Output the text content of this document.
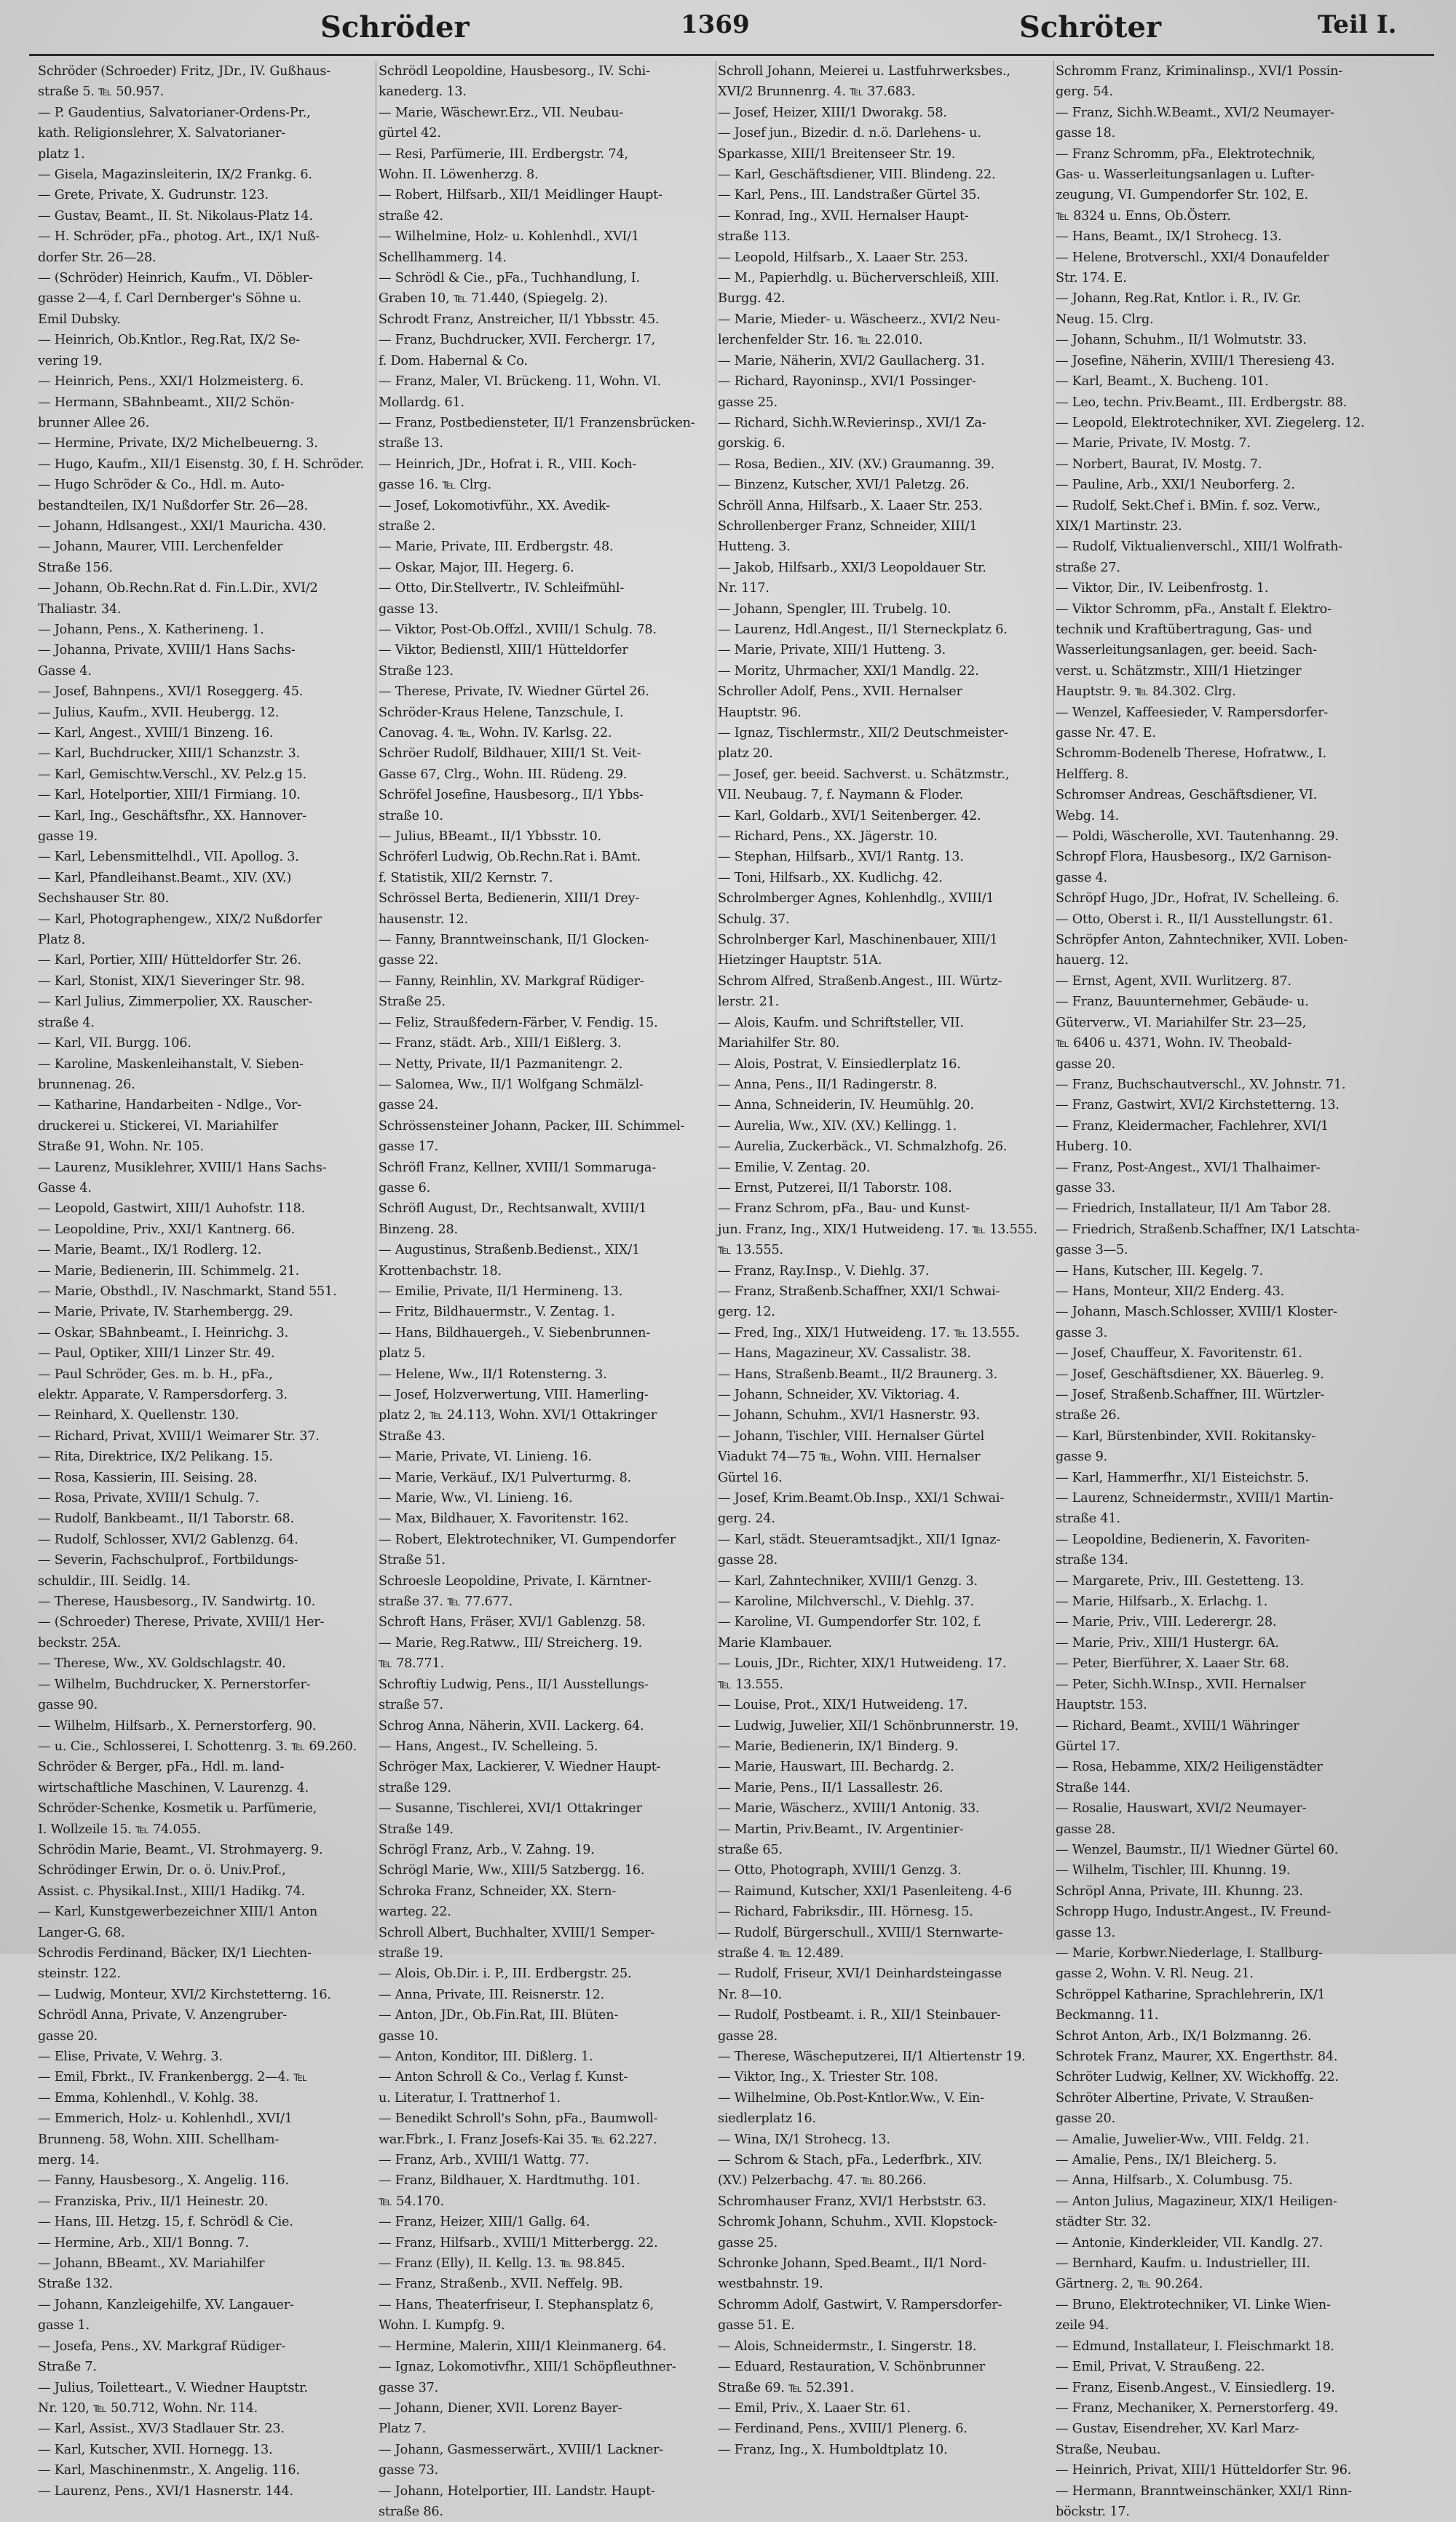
Schröder	1369	Schröter	Teil I.
Schröder (Schroeder) Fritz, JDr., IV. Gußhaus-
straße 5. ℡ 50.957.
— P. Gaudentius, Salvatorianer-Ordens-Pr.,
kath. Religionslehrer, X. Salvatorianer-
platz 1.
— Gisela, Magazinsleiterin, IX/2 Frankg. 6.
— Grete, Private, X. Gudrunstr. 123.
— Gustav, Beamt., II. St. Nikolaus-Platz 14.
— H. Schröder, pFa., photog. Art., IX/1 Nuß-
dorfer Str. 26—28.
— (Schröder) Heinrich, Kaufm., VI. Döbler-
gasse 2—4, f. Carl Dernberger's Söhne u.
Emil Dubsky.
— Heinrich, Ob.Kntlor., Reg.Rat, IX/2 Se-
vering 19.
— Heinrich, Pens., XXI/1 Holzmeisterg. 6.
— Hermann, SBahnbeamt., XII/2 Schön-
brunner Allee 26.
— Hermine, Private, IX/2 Michelbeuerng. 3.
— Hugo, Kaufm., XII/1 Eisenstg. 30, f. H. Schröder.
— Hugo Schröder & Co., Hdl. m. Auto-
bestandteilen, IX/1 Nußdorfer Str. 26—28.
— Johann, Hdlsangest., XXI/1 Mauricha. 430.
— Johann, Maurer, VIII. Lerchenfelder
Straße 156.
— Johann, Ob.Rechn.Rat d. Fin.L.Dir., XVI/2
Thaliastr. 34.
— Johann, Pens., X. Katherineng. 1.
— Johanna, Private, XVIII/1 Hans Sachs-
Gasse 4.
— Josef, Bahnpens., XVI/1 Roseggerg. 45.
— Julius, Kaufm., XVII. Heubergg. 12.
— Karl, Angest., XVIII/1 Binzeng. 16.
— Karl, Buchdrucker, XIII/1 Schanzstr. 3.
— Karl, Gemischtw.Verschl., XV. Pelz.g 15.
— Karl, Hotelportier, XIII/1 Firmiang. 10.
— Karl, Ing., Geschäftsfhr., XX. Hannover-
gasse 19.
— Karl, Lebensmittelhdl., VII. Apollog. 3.
— Karl, Pfandleihanst.Beamt., XIV. (XV.)
Sechshauser Str. 80.
— Karl, Photographengew., XIX/2 Nußdorfer
Platz 8.
— Karl, Portier, XIII/ Hütteldorfer Str. 26.
— Karl, Stonist, XIX/1 Sieveringer Str. 98.
— Karl Julius, Zimmerpolier, XX. Rauscher-
straße 4.
— Karl, VII. Burgg. 106.
— Karoline, Maskenleihanstalt, V. Sieben-
brunnenag. 26.
— Katharine, Handarbeiten - Ndlge., Vor-
druckerei u. Stickerei, VI. Mariahilfer
Straße 91, Wohn. Nr. 105.
— Laurenz, Musiklehrer, XVIII/1 Hans Sachs-
Gasse 4.
— Leopold, Gastwirt, XIII/1 Auhofstr. 118.
— Leopoldine, Priv., XXI/1 Kantnerg. 66.
— Marie, Beamt., IX/1 Rodlerg. 12.
— Marie, Bedienerin, III. Schimmelg. 21.
— Marie, Obsthdl., IV. Naschmarkt, Stand 551.
— Marie, Private, IV. Starhembergg. 29.
— Oskar, SBahnbeamt., I. Heinrichg. 3.
— Paul, Optiker, XIII/1 Linzer Str. 49.
— Paul Schröder, Ges. m. b. H., pFa.,
elektr. Apparate, V. Rampersdorferg. 3.
— Reinhard, X. Quellenstr. 130.
— Richard, Privat, XVIII/1 Weimarer Str. 37.
— Rita, Direktrice, IX/2 Pelikang. 15.
— Rosa, Kassierin, III. Seising. 28.
— Rosa, Private, XVIII/1 Schulg. 7.
— Rudolf, Bankbeamt., II/1 Taborstr. 68.
— Rudolf, Schlosser, XVI/2 Gablenzg. 64.
— Severin, Fachschulprof., Fortbildungs-
schuldir., III. Seidlg. 14.
— Therese, Hausbesorg., IV. Sandwirtg. 10.
— (Schroeder) Therese, Private, XVIII/1 Her-
beckstr. 25A.
— Therese, Ww., XV. Goldschlagstr. 40.
— Wilhelm, Buchdrucker, X. Pernerstorfer-
gasse 90.
— Wilhelm, Hilfsarb., X. Pernerstorferg. 90.
— u. Cie., Schlosserei, I. Schottenrg. 3. ℡ 69.260.
Schröder & Berger, pFa., Hdl. m. land-
wirtschaftliche Maschinen, V. Laurenzg. 4.
Schröder-Schenke, Kosmetik u. Parfümerie,
I. Wollzeile 15. ℡ 74.055.
Schrödin Marie, Beamt., VI. Strohmayerg. 9.
Schrödinger Erwin, Dr. o. ö. Univ.Prof.,
Assist. c. Physikal.Inst., XIII/1 Hadikg. 74.
— Karl, Kunstgewerbezeichner XIII/1 Anton
Langer-G. 68.
Schrodis Ferdinand, Bäcker, IX/1 Liechten-
steinstr. 122.
— Ludwig, Monteur, XVI/2 Kirchstetterng. 16.
Schrödl Anna, Private, V. Anzengruber-
gasse 20.
— Elise, Private, V. Wehrg. 3.
— Emil, Fbrkt., IV. Frankenbergg. 2—4. ℡
— Emma, Kohlenhdl., V. Kohlg. 38.
— Emmerich, Holz- u. Kohlenhdl., XVI/1
Brunneng. 58, Wohn. XIII. Schellham-
merg. 14.
— Fanny, Hausbesorg., X. Angelig. 116.
— Franziska, Priv., II/1 Heinestr. 20.
— Hans, III. Hetzg. 15, f. Schrödl & Cie.
— Hermine, Arb., XII/1 Bonng. 7.
— Johann, BBeamt., XV. Mariahilfer
Straße 132.
— Johann, Kanzleigehilfe, XV. Langauer-
gasse 1.
— Josefa, Pens., XV. Markgraf Rüdiger-
Straße 7.
— Julius, Toiletteart., V. Wiedner Hauptstr.
Nr. 120, ℡ 50.712, Wohn. Nr. 114.
— Karl, Assist., XV/3 Stadlauer Str. 23.
— Karl, Kutscher, XVII. Hornegg. 13.
— Karl, Maschinenmstr., X. Angelig. 116.
— Laurenz, Pens., XVI/1 Hasnerstr. 144.
Schrödl Leopoldine, Hausbesorg., IV. Schi-
kanederg. 13.
— Marie, Wäschewr.Erz., VII. Neubau-
gürtel 42.
— Resi, Parfümerie, III. Erdbergstr. 74,
Wohn. II. Löwenherzg. 8.
— Robert, Hilfsarb., XII/1 Meidlinger Haupt-
straße 42.
— Wilhelmine, Holz- u. Kohlenhdl., XVI/1
Schellhammerg. 14.
— Schrödl & Cie., pFa., Tuchhandlung, I.
Graben 10, ℡ 71.440, (Spiegelg. 2).
Schrodt Franz, Anstreicher, II/1 Ybbsstr. 45.
— Franz, Buchdrucker, XVII. Ferchergr. 17,
f. Dom. Habernal & Co.
— Franz, Maler, VI. Brückeng. 11, Wohn. VI.
Mollardg. 61.
— Franz, Postbediensteter, II/1 Franzensbrücken-
straße 13.
— Heinrich, JDr., Hofrat i. R., VIII. Koch-
gasse 16. ℡ Clrg.
— Josef, Lokomotivführ., XX. Avedik-
straße 2.
— Marie, Private, III. Erdbergstr. 48.
— Oskar, Major, III. Hegerg. 6.
— Otto, Dir.Stellvertr., IV. Schleifmühl-
gasse 13.
— Viktor, Post-Ob.Offzl., XVIII/1 Schulg. 78.
— Viktor, Bedienstl, XIII/1 Hütteldorfer
Straße 123.
— Therese, Private, IV. Wiedner Gürtel 26.
Schröder-Kraus Helene, Tanzschule, I.
Canovag. 4. ℡, Wohn. IV. Karlsg. 22.
Schröer Rudolf, Bildhauer, XIII/1 St. Veit-
Gasse 67, Clrg., Wohn. III. Rüdeng. 29.
Schröfel Josefine, Hausbesorg., II/1 Ybbs-
straße 10.
— Julius, BBeamt., II/1 Ybbsstr. 10.
Schröferl Ludwig, Ob.Rechn.Rat i. BAmt.
f. Statistik, XII/2 Kernstr. 7.
Schrössel Berta, Bedienerin, XIII/1 Drey-
hausenstr. 12.
— Fanny, Branntweinschank, II/1 Glocken-
gasse 22.
— Fanny, Reinhlin, XV. Markgraf Rüdiger-
Straße 25.
— Feliz, Straußfedern-Färber, V. Fendig. 15.
— Franz, städt. Arb., XIII/1 Eißlerg. 3.
— Netty, Private, II/1 Pazmanitengr. 2.
— Salomea, Ww., II/1 Wolfgang Schmälzl-
gasse 24.
Schrössensteiner Johann, Packer, III. Schimmel-
gasse 17.
Schröfl Franz, Kellner, XVIII/1 Sommaruga-
gasse 6.
Schröfl August, Dr., Rechtsanwalt, XVIII/1
Binzeng. 28.
— Augustinus, Straßenb.Bedienst., XIX/1
Krottenbachstr. 18.
— Emilie, Private, II/1 Hermineng. 13.
— Fritz, Bildhauermstr., V. Zentag. 1.
— Hans, Bildhauergeh., V. Siebenbrunnen-
platz 5.
— Helene, Ww., II/1 Rotensterng. 3.
— Josef, Holzverwertung, VIII. Hamerling-
platz 2, ℡ 24.113, Wohn. XVI/1 Ottakringer
Straße 43.
— Marie, Private, VI. Linieng. 16.
— Marie, Verkäuf., IX/1 Pulverturmg. 8.
— Marie, Ww., VI. Linieng. 16.
— Max, Bildhauer, X. Favoritenstr. 162.
— Robert, Elektrotechniker, VI. Gumpendorfer
Straße 51.
Schroesle Leopoldine, Private, I. Kärntner-
straße 37. ℡ 77.677.
Schroft Hans, Fräser, XVI/1 Gablenzg. 58.
— Marie, Reg.Ratww., III/ Streicherg. 19.
℡ 78.771.
Schroftiy Ludwig, Pens., II/1 Ausstellungs-
straße 57.
Schrog Anna, Näherin, XVII. Lackerg. 64.
— Hans, Angest., IV. Schelleing. 5.
Schröger Max, Lackierer, V. Wiedner Haupt-
straße 129.
— Susanne, Tischlerei, XVI/1 Ottakringer
Straße 149.
Schrögl Franz, Arb., V. Zahng. 19.
Schrögl Marie, Ww., XIII/5 Satzbergg. 16.
Schroka Franz, Schneider, XX. Stern-
warteg. 22.
Schroll Albert, Buchhalter, XVIII/1 Semper-
straße 19.
— Alois, Ob.Dir. i. P., III. Erdbergstr. 25.
— Anna, Private, III. Reisnerstr. 12.
— Anton, JDr., Ob.Fin.Rat, III. Blüten-
gasse 10.
— Anton, Konditor, III. Dißlerg. 1.
— Anton Schroll & Co., Verlag f. Kunst-
u. Literatur, I. Trattnerhof 1.
— Benedikt Schroll's Sohn, pFa., Baumwoll-
war.Fbrk., I. Franz Josefs-Kai 35. ℡ 62.227.
— Franz, Arb., XVIII/1 Wattg. 77.
— Franz, Bildhauer, X. Hardtmuthg. 101.
℡ 54.170.
— Franz, Heizer, XIII/1 Gallg. 64.
— Franz, Hilfsarb., XVIII/1 Mitterbergg. 22.
— Franz (Elly), II. Kellg. 13. ℡ 98.845.
— Franz, Straßenb., XVII. Neffelg. 9B.
— Hans, Theaterfriseur, I. Stephansplatz 6,
Wohn. I. Kumpfg. 9.
— Hermine, Malerin, XIII/1 Kleinmanerg. 64.
— Ignaz, Lokomotivfhr., XIII/1 Schöpfleuthner-
gasse 37.
— Johann, Diener, XVII. Lorenz Bayer-
Platz 7.
— Johann, Gasmesserwärt., XVIII/1 Lackner-
gasse 73.
— Johann, Hotelportier, III. Landstr. Haupt-
straße 86.
Schroll Johann, Meierei u. Lastfuhrwerksbes.,
XVI/2 Brunnenrg. 4. ℡ 37.683.
— Josef, Heizer, XIII/1 Dworakg. 58.
— Josef jun., Bizedir. d. n.ö. Darlehens- u.
Sparkasse, XIII/1 Breitenseer Str. 19.
— Karl, Geschäftsdiener, VIII. Blindeng. 22.
— Karl, Pens., III. Landstraßer Gürtel 35.
— Konrad, Ing., XVII. Hernalser Haupt-
straße 113.
— Leopold, Hilfsarb., X. Laaer Str. 253.
— M., Papierhdlg. u. Bücherverschleiß, XIII.
Burgg. 42.
— Marie, Mieder- u. Wäscheerz., XVI/2 Neu-
lerchenfelder Str. 16. ℡ 22.010.
— Marie, Näherin, XVI/2 Gaullacherg. 31.
— Richard, Rayoninsp., XVI/1 Possinger-
gasse 25.
— Richard, Sichh.W.Revierinsp., XVI/1 Za-
gorskig. 6.
— Rosa, Bedien., XIV. (XV.) Graumanng. 39.
— Binzenz, Kutscher, XVI/1 Paletzg. 26.
Schröll Anna, Hilfsarb., X. Laaer Str. 253.
Schrollenberger Franz, Schneider, XIII/1
Hutteng. 3.
— Jakob, Hilfsarb., XXI/3 Leopoldauer Str.
Nr. 117.
— Johann, Spengler, III. Trubelg. 10.
— Laurenz, Hdl.Angest., II/1 Sterneckplatz 6.
— Marie, Private, XIII/1 Hutteng. 3.
— Moritz, Uhrmacher, XXI/1 Mandlg. 22.
Schroller Adolf, Pens., XVII. Hernalser
Hauptstr. 96.
— Ignaz, Tischlermstr., XII/2 Deutschmeister-
platz 20.
— Josef, ger. beeid. Sachverst. u. Schätzmstr.,
VII. Neubaug. 7, f. Naymann & Floder.
— Karl, Goldarb., XVI/1 Seitenberger. 42.
— Richard, Pens., XX. Jägerstr. 10.
— Stephan, Hilfsarb., XVI/1 Rantg. 13.
— Toni, Hilfsarb., XX. Kudlichg. 42.
Schrolmberger Agnes, Kohlenhdlg., XVIII/1
Schulg. 37.
Schrolnberger Karl, Maschinenbauer, XIII/1
Hietzinger Hauptstr. 51A.
Schrom Alfred, Straßenb.Angest., III. Würtz-
lerstr. 21.
— Alois, Kaufm. und Schriftsteller, VII.
Mariahilfer Str. 80.
— Alois, Postrat, V. Einsiedlerplatz 16.
— Anna, Pens., II/1 Radingerstr. 8.
— Anna, Schneiderin, IV. Heumühlg. 20.
— Aurelia, Ww., XIV. (XV.) Kellingg. 1.
— Aurelia, Zuckerbäck., VI. Schmalzhofg. 26.
— Emilie, V. Zentag. 20.
— Ernst, Putzerei, II/1 Taborstr. 108.
— Franz Schrom, pFa., Bau- und Kunst-
jun. Franz, Ing., XIX/1 Hutweideng. 17. ℡ 13.555.
℡ 13.555.
— Franz, Ray.Insp., V. Diehlg. 37.
— Franz, Straßenb.Schaffner, XXI/1 Schwai-
gerg. 12.
— Fred, Ing., XIX/1 Hutweideng. 17. ℡ 13.555.
— Hans, Magazineur, XV. Cassalistr. 38.
— Hans, Straßenb.Beamt., II/2 Braunerg. 3.
— Johann, Schneider, XV. Viktoriag. 4.
— Johann, Schuhm., XVI/1 Hasnerstr. 93.
— Johann, Tischler, VIII. Hernalser Gürtel
Viadukt 74—75 ℡, Wohn. VIII. Hernalser
Gürtel 16.
— Josef, Krim.Beamt.Ob.Insp., XXI/1 Schwai-
gerg. 24.
— Karl, städt. Steueramtsadjkt., XII/1 Ignaz-
gasse 28.
— Karl, Zahntechniker, XVIII/1 Genzg. 3.
— Karoline, Milchverschl., V. Diehlg. 37.
— Karoline, VI. Gumpendorfer Str. 102, f.
Marie Klambauer.
— Louis, JDr., Richter, XIX/1 Hutweideng. 17.
℡ 13.555.
— Louise, Prot., XIX/1 Hutweideng. 17.
— Ludwig, Juwelier, XII/1 Schönbrunnerstr. 19.
— Marie, Bedienerin, IX/1 Binderg. 9.
— Marie, Hauswart, III. Bechardg. 2.
— Marie, Pens., II/1 Lassallestr. 26.
— Marie, Wäscherz., XVIII/1 Antonig. 33.
— Martin, Priv.Beamt., IV. Argentinier-
straße 65.
— Otto, Photograph, XVIII/1 Genzg. 3.
— Raimund, Kutscher, XXI/1 Pasenleiteng. 4-6
— Richard, Fabriksdir., III. Hörnesg. 15.
— Rudolf, Bürgerschull., XVIII/1 Sternwarte-
straße 4. ℡ 12.489.
— Rudolf, Friseur, XVI/1 Deinhardsteingasse
Nr. 8—10.
— Rudolf, Postbeamt. i. R., XII/1 Steinbauer-
gasse 28.
— Therese, Wäscheputzerei, II/1 Altiertenstr 19.
— Viktor, Ing., X. Triester Str. 108.
— Wilhelmine, Ob.Post-Kntlor.Ww., V. Ein-
siedlerplatz 16.
— Wina, IX/1 Strohecg. 13.
— Schrom & Stach, pFa., Lederfbrk., XIV.
(XV.) Pelzerbachg. 47. ℡ 80.266.
Schromhauser Franz, XVI/1 Herbststr. 63.
Schromk Johann, Schuhm., XVII. Klopstock-
gasse 25.
Schronke Johann, Sped.Beamt., II/1 Nord-
westbahnstr. 19.
Schromm Adolf, Gastwirt, V. Rampersdorfer-
gasse 51. E.
— Alois, Schneidermstr., I. Singerstr. 18.
— Eduard, Restauration, V. Schönbrunner
Straße 69. ℡ 52.391.
— Emil, Priv., X. Laaer Str. 61.
— Ferdinand, Pens., XVIII/1 Plenerg. 6.
— Franz, Ing., X. Humboldtplatz 10.
Schromm Franz, Kriminalinsp., XVI/1 Possin-
gerg. 54.
— Franz, Sichh.W.Beamt., XVI/2 Neumayer-
gasse 18.
— Franz Schromm, pFa., Elektrotechnik,
Gas- u. Wasserleitungsanlagen u. Lufter-
zeugung, VI. Gumpendorfer Str. 102, E.
℡ 8324 u. Enns, Ob.Österr.
— Hans, Beamt., IX/1 Strohecg. 13.
— Helene, Brotverschl., XXI/4 Donaufelder
Str. 174. E.
— Johann, Reg.Rat, Kntlor. i. R., IV. Gr.
Neug. 15. Clrg.
— Johann, Schuhm., II/1 Wolmutstr. 33.
— Josefine, Näherin, XVIII/1 Theresieng 43.
— Karl, Beamt., X. Bucheng. 101.
— Leo, techn. Priv.Beamt., III. Erdbergstr. 88.
— Leopold, Elektrotechniker, XVI. Ziegelerg. 12.
— Marie, Private, IV. Mostg. 7.
— Norbert, Baurat, IV. Mostg. 7.
— Pauline, Arb., XXI/1 Neuborferg. 2.
— Rudolf, Sekt.Chef i. BMin. f. soz. Verw.,
XIX/1 Martinstr. 23.
— Rudolf, Viktualienverschl., XIII/1 Wolfrath-
straße 27.
— Viktor, Dir., IV. Leibenfrostg. 1.
— Viktor Schromm, pFa., Anstalt f. Elektro-
technik und Kraftübertragung, Gas- und
Wasserleitungsanlagen, ger. beeid. Sach-
verst. u. Schätzmstr., XIII/1 Hietzinger
Hauptstr. 9. ℡ 84.302. Clrg.
— Wenzel, Kaffeesieder, V. Rampersdorfer-
gasse Nr. 47. E.
Schromm-Bodenelb Therese, Hofratww., I.
Helfferg. 8.
Schromser Andreas, Geschäftsdiener, VI.
Webg. 14.
— Poldi, Wäscherolle, XVI. Tautenhanng. 29.
Schropf Flora, Hausbesorg., IX/2 Garnison-
gasse 4.
Schröpf Hugo, JDr., Hofrat, IV. Schelleing. 6.
— Otto, Oberst i. R., II/1 Ausstellungstr. 61.
Schröpfer Anton, Zahntechniker, XVII. Loben-
hauerg. 12.
— Ernst, Agent, XVII. Wurlitzerg. 87.
— Franz, Bauunternehmer, Gebäude- u.
Güterverw., VI. Mariahilfer Str. 23—25,
℡ 6406 u. 4371, Wohn. IV. Theobald-
gasse 20.
— Franz, Buchschautverschl., XV. Johnstr. 71.
— Franz, Gastwirt, XVI/2 Kirchstetterng. 13.
— Franz, Kleidermacher, Fachlehrer, XVI/1
Huberg. 10.
— Franz, Post-Angest., XVI/1 Thalhaimer-
gasse 33.
— Friedrich, Installateur, II/1 Am Tabor 28.
— Friedrich, Straßenb.Schaffner, IX/1 Latschta-
gasse 3—5.
— Hans, Kutscher, III. Kegelg. 7.
— Hans, Monteur, XII/2 Enderg. 43.
— Johann, Masch.Schlosser, XVIII/1 Kloster-
gasse 3.
— Josef, Chauffeur, X. Favoritenstr. 61.
— Josef, Geschäftsdiener, XX. Bäuerleg. 9.
— Josef, Straßenb.Schaffner, III. Würtzler-
straße 26.
— Karl, Bürstenbinder, XVII. Rokitansky-
gasse 9.
— Karl, Hammerfhr., XI/1 Eisteichstr. 5.
— Laurenz, Schneidermstr., XVIII/1 Martin-
straße 41.
— Leopoldine, Bedienerin, X. Favoriten-
straße 134.
— Margarete, Priv., III. Gestetteng. 13.
— Marie, Hilfsarb., X. Erlachg. 1.
— Marie, Priv., VIII. Lederergr. 28.
— Marie, Priv., XIII/1 Hustergr. 6A.
— Peter, Bierführer, X. Laaer Str. 68.
— Peter, Sichh.W.Insp., XVII. Hernalser
Hauptstr. 153.
— Richard, Beamt., XVIII/1 Währinger
Gürtel 17.
— Rosa, Hebamme, XIX/2 Heiligenstädter
Straße 144.
— Rosalie, Hauswart, XVI/2 Neumayer-
gasse 28.
— Wenzel, Baumstr., II/1 Wiedner Gürtel 60.
— Wilhelm, Tischler, III. Khunng. 19.
Schröpl Anna, Private, III. Khunng. 23.
Schropp Hugo, Industr.Angest., IV. Freund-
gasse 13.
— Marie, Korbwr.Niederlage, I. Stallburg-
gasse 2, Wohn. V. Rl. Neug. 21.
Schröppel Katharine, Sprachlehrerin, IX/1
Beckmanng. 11.
Schrot Anton, Arb., IX/1 Bolzmanng. 26.
Schrotek Franz, Maurer, XX. Engerthstr. 84.
Schröter Ludwig, Kellner, XV. Wickhoffg. 22.
Schröter Albertine, Private, V. Straußen-
gasse 20.
— Amalie, Juwelier-Ww., VIII. Feldg. 21.
— Amalie, Pens., IX/1 Bleicherg. 5.
— Anna, Hilfsarb., X. Columbusg. 75.
— Anton Julius, Magazineur, XIX/1 Heiligen-
städter Str. 32.
— Antonie, Kinderkleider, VII. Kandlg. 27.
— Bernhard, Kaufm. u. Industrieller, III.
Gärtnerg. 2, ℡ 90.264.
— Bruno, Elektrotechniker, VI. Linke Wien-
zeile 94.
— Edmund, Installateur, I. Fleischmarkt 18.
— Emil, Privat, V. Straußeng. 22.
— Franz, Eisenb.Angest., V. Einsiedlerg. 19.
— Franz, Mechaniker, X. Pernerstorferg. 49.
— Gustav, Eisendreher, XV. Karl Marz-
Straße, Neubau.
— Heinrich, Privat, XIII/1 Hütteldorfer Str. 96.
— Hermann, Branntweinschänker, XXI/1 Rinn-
böckstr. 17.
